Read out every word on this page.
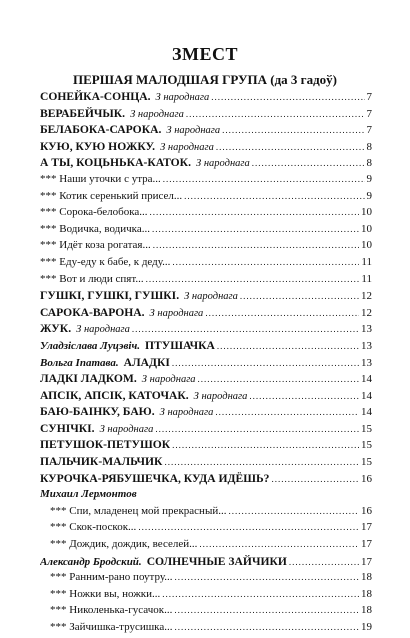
ЗМЕСТ
ПЕРШАЯ МАЛОДШАЯ ГРУПА (да 3 гадоў)
СОНЕЙКА-СОНЦА. З народнага .....	7
ВЕРАБЕЙЧЫК. З народнага .....	7
БЕЛАБОКА-САРОКА. З народнага .....	7
КУЮ, КУЮ НОЖКУ. З народнага .....	8
А ТЫ, КОЦЬНЬКА-КАТОК. З народнага .....	8
*** Наши уточки с утра... .....	9
*** Котик серенький присел... .....	9
*** Сорока-белобока... .....	10
*** Водичка, водичка... .....	10
*** Идёт коза рогатая... .....	10
*** Еду-еду к бабе, к деду... .....	11
*** Вот и люди спят... .....	11
ГУШКІ, ГУШКІ, ГУШКІ. З народнага .....	12
САРОКА-ВАРОНА. З народнага .....	12
ЖУК. З народнага .....	13
Уладзіслава Луцэвіч. ПТУШАЧКА .....	13
Вольга Іпатава. АЛАДКІ .....	13
ЛАДКІ ЛАДКОМ. З народнага .....	14
АПСІК, АПСІК, КАТОЧАК. З народнага .....	14
БАЮ-БАІНКУ, БАЮ. З народнага .....	14
СУНІЧКІ. З народнага .....	15
ПЕТУШОК-ПЕТУШОК .....	15
ПАЛЬЧИК-МАЛЬЧИК .....	15
КУРОЧКА-РЯБУШЕЧКА, КУДА ИДЁШЬ? .....	16
Михаил Лермонтов
*** Спи, младенец мой прекрасный... .....	16
*** Скок-поскок... .....	17
*** Дождик, дождик, веселей... .....	17
Александр Бродский. СОЛНЕЧНЫЕ ЗАЙЧИКИ .....	17
*** Ранним-рано поутру... .....	18
*** Ножки вы, ножки... .....	18
*** Николенька-гусачок... .....	18
*** Зайчишка-трусишка... .....	19
